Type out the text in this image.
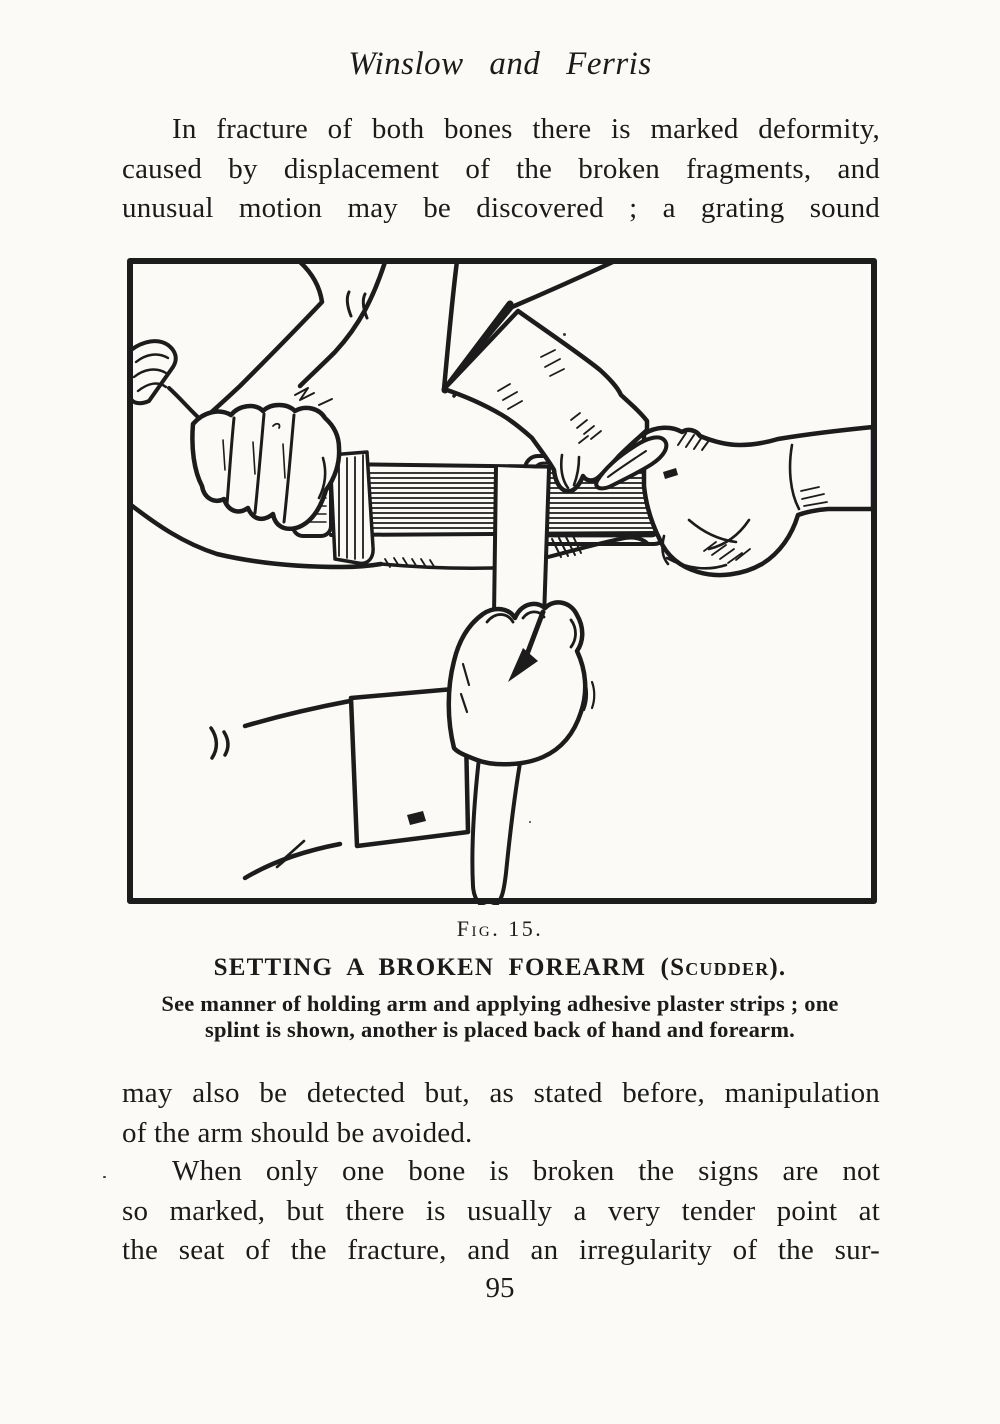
Winslow and Ferris
In fracture of both bones there is marked deformity,
caused by displacement of the broken fragments, and
unusual motion may be discovered ; a grating sound
Fig. 15.
SETTING A BROKEN FOREARM (Scudder).
See manner of holding arm and applying adhesive plaster strips ; one
splint is shown, another is placed back of hand and forearm.
may also be detected but, as stated before, manipulation
of the arm should be avoided.
When only one bone is broken the signs are not
so marked, but there is usually a very tender point at
the seat of the fracture, and an irregularity of the sur-
95
